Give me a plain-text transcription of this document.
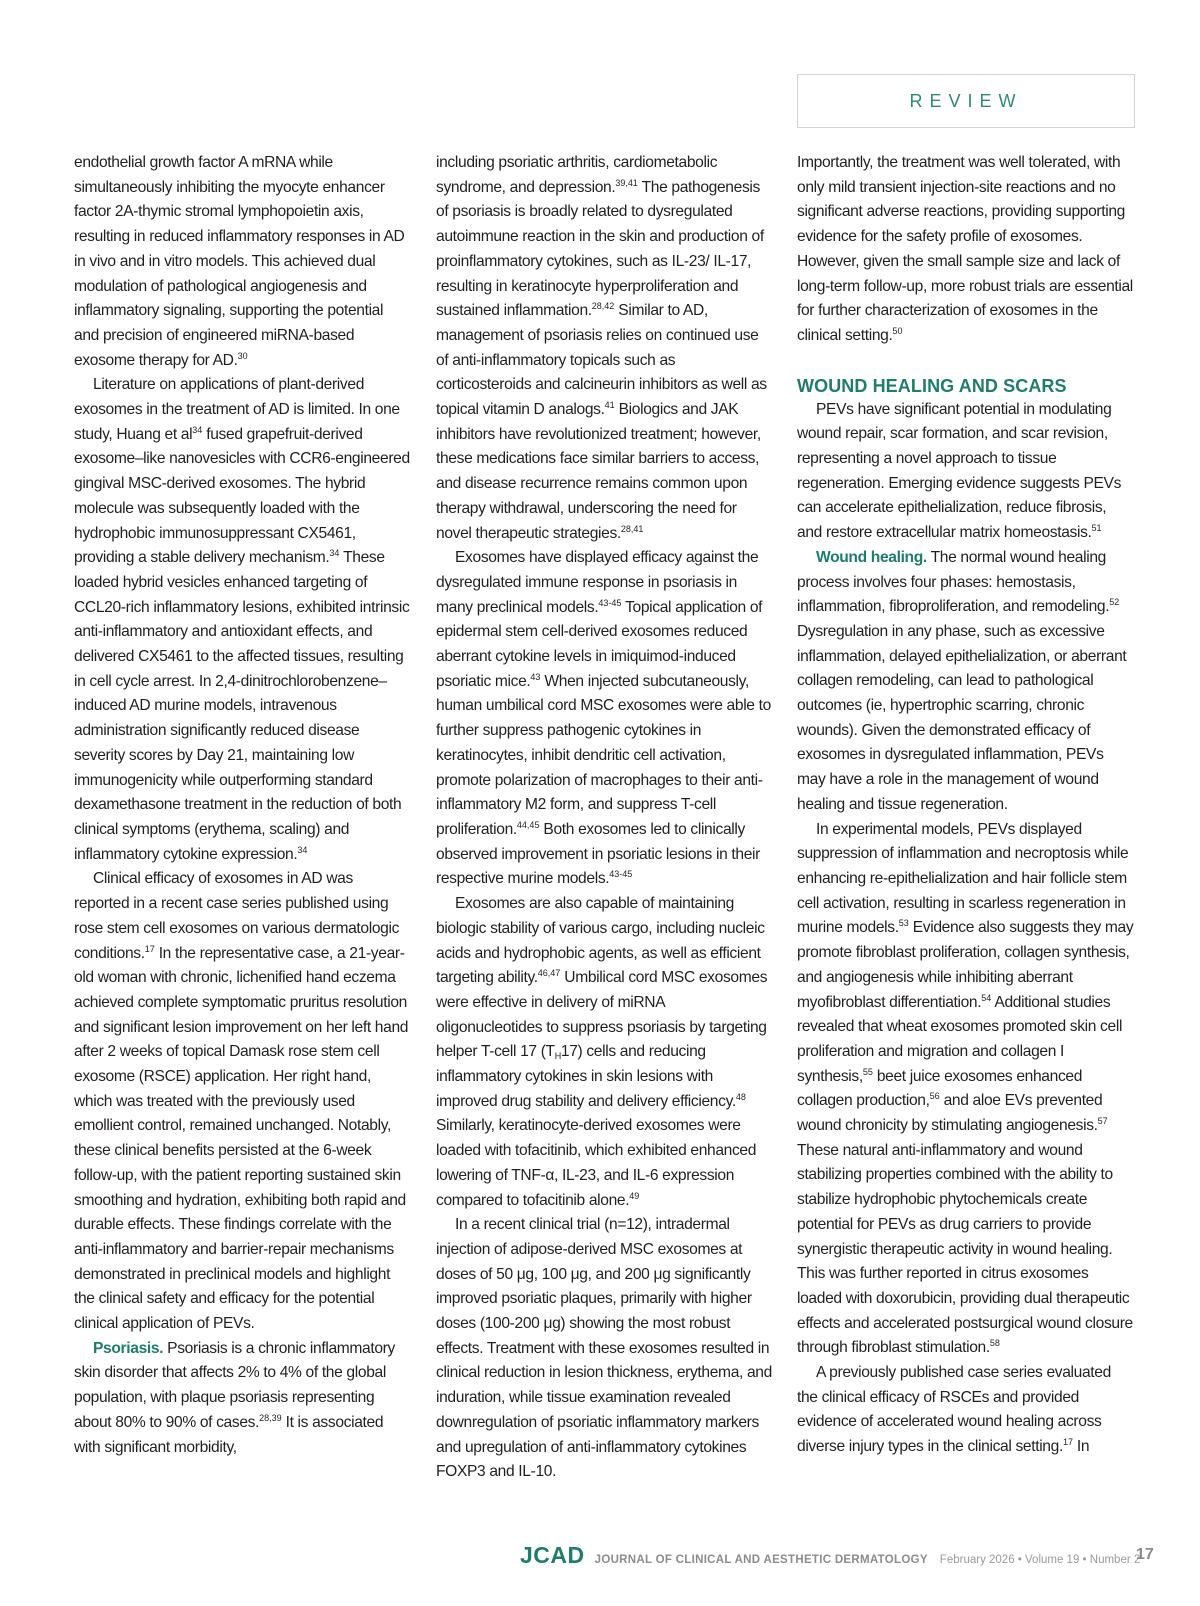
REVIEW

endothelial growth factor A mRNA while simultaneously inhibiting the myocyte enhancer factor 2A-thymic stromal lymphopoietin axis, resulting in reduced inflammatory responses in AD in vivo and in vitro models. This achieved dual modulation of pathological angiogenesis and inflammatory signaling, supporting the potential and precision of engineered miRNA-based exosome therapy for AD.$^{30}$

Literature on applications of plant-derived exosomes in the treatment of AD is limited. In one study, Huang et $al^{34}$ fused grapefruit-derived exosome–like nanovesicles with CCR6-engineered gingival MSC-derived exosomes. The hybrid molecule was subsequently loaded with the hydrophobic immunosuppressant CX5461, providing a stable delivery mechanism.$^{34}$ These loaded hybrid vesicles enhanced targeting of CCL20-rich inflammatory lesions, exhibited intrinsic anti-inflammatory and antioxidant effects, and delivered CX5461 to the affected tissues, resulting in cell cycle arrest. In 2,4-dinitrochlorobenzene–induced AD murine models, intravenous administration significantly reduced disease severity scores by Day 21, maintaining low immunogenicity while outperforming standard dexamethasone treatment in the reduction of both clinical symptoms (erythema, scaling) and inflammatory cytokine expression.$^{34}$

Clinical efficacy of exosomes in AD was reported in a recent case series published using rose stem cell exosomes on various dermatologic conditions.$^{17}$ In the representative case, a 21-year-old woman with chronic, lichenified hand eczema achieved complete symptomatic pruritus resolution and significant lesion improvement on her left hand after 2 weeks of topical Damask rose stem cell exosome (RSCE) application. Her right hand, which was treated with the previously used emollient control, remained unchanged. Notably, these clinical benefits persisted at the 6-week follow-up, with the patient reporting sustained skin smoothing and hydration, exhibiting both rapid and durable effects. These findings correlate with the anti-inflammatory and barrier-repair mechanisms demonstrated in preclinical models and highlight the clinical safety and efficacy for the potential clinical application of PEVs.

Psoriasis. Psoriasis is a chronic inflammatory skin disorder that affects 2% to 4% of the global population, with plaque psoriasis representing about 80% to 90% of cases.$^{28,39}$ It is associated with significant morbidity,

including psoriatic arthritis, cardiometabolic syndrome, and depression.$^{39,41}$ The pathogenesis of psoriasis is broadly related to dysregulated autoimmune reaction in the skin and production of proinflammatory cytokines, such as IL-23/ IL-17, resulting in keratinocyte hyperproliferation and sustained inflammation.$^{28,42}$ Similar to AD, management of psoriasis relies on continued use of anti-inflammatory topicals such as corticosteroids and calcineurin inhibitors as well as topical vitamin D analogs.$^{41}$ Biologics and JAK inhibitors have revolutionized treatment; however, these medications face similar barriers to access, and disease recurrence remains common upon therapy withdrawal, underscoring the need for novel therapeutic strategies.$^{28,41}$

Exosomes have displayed efficacy against the dysregulated immune response in psoriasis in many preclinical models.$^{43-45}$ Topical application of epidermal stem cell-derived exosomes reduced aberrant cytokine levels in imiquimod-induced psoriatic mice.$^{43}$ When injected subcutaneously, human umbilical cord MSC exosomes were able to further suppress pathogenic cytokines in keratinocytes, inhibit dendritic cell activation, promote polarization of macrophages to their anti-inflammatory M2 form, and suppress T-cell proliferation.$^{44,45}$ Both exosomes led to clinically observed improvement in psoriatic lesions in their respective murine models.$^{43-45}$

Exosomes are also capable of maintaining biologic stability of various cargo, including nucleic acids and hydrophobic agents, as well as efficient targeting ability.$^{46,47}$ Umbilical cord MSC exosomes were effective in delivery of miRNA oligonucleotides to suppress psoriasis by targeting helper T-cell 17 $(T_H17)$ cells and reducing inflammatory cytokines in skin lesions with improved drug stability and delivery efficiency.$^{48}$ Similarly, keratinocyte-derived exosomes were loaded with tofacitinib, which exhibited enhanced lowering of TNF-α, IL-23, and IL-6 expression compared to tofacitinib alone.$^{49}$

In a recent clinical trial (n=12), intradermal injection of adipose-derived MSC exosomes at doses of 50 μg, 100 μg, and 200 μg significantly improved psoriatic plaques, primarily with higher doses (100-200 μg) showing the most robust effects. Treatment with these exosomes resulted in clinical reduction in lesion thickness, erythema, and induration, while tissue examination revealed downregulation of psoriatic inflammatory markers and upregulation of anti-inflammatory cytokines FOXP3 and IL-10.

Importantly, the treatment was well tolerated, with only mild transient injection-site reactions and no significant adverse reactions, providing supporting evidence for the safety profile of exosomes. However, given the small sample size and lack of long-term follow-up, more robust trials are essential for further characterization of exosomes in the clinical setting.$^{50}$

WOUND HEALING AND SCARS

PEVs have significant potential in modulating wound repair, scar formation, and scar revision, representing a novel approach to tissue regeneration. Emerging evidence suggests PEVs can accelerate epithelialization, reduce fibrosis, and restore extracellular matrix homeostasis.$^{51}$

Wound healing. The normal wound healing process involves four phases: hemostasis, inflammation, fibroproliferation, and remodeling.$^{52}$ Dysregulation in any phase, such as excessive inflammation, delayed epithelialization, or aberrant collagen remodeling, can lead to pathological outcomes (ie, hypertrophic scarring, chronic wounds). Given the demonstrated efficacy of exosomes in dysregulated inflammation, PEVs may have a role in the management of wound healing and tissue regeneration.

In experimental models, PEVs displayed suppression of inflammation and necroptosis while enhancing re-epithelialization and hair follicle stem cell activation, resulting in scarless regeneration in murine models.$^{53}$ Evidence also suggests they may promote fibroblast proliferation, collagen synthesis, and angiogenesis while inhibiting aberrant myofibroblast differentiation.$^{54}$ Additional studies revealed that wheat exosomes promoted skin cell proliferation and migration and collagen I synthesis,$^{55}$ beet juice exosomes enhanced collagen production,$^{56}$ and aloe EVs prevented wound chronicity by stimulating angiogenesis.$^{57}$ These natural anti-inflammatory and wound stabilizing properties combined with the ability to stabilize hydrophobic phytochemicals create potential for PEVs as drug carriers to provide synergistic therapeutic activity in wound healing. This was further reported in citrus exosomes loaded with doxorubicin, providing dual therapeutic effects and accelerated postsurgical wound closure through fibroblast stimulation.$^{58}$

A previously published case series evaluated the clinical efficacy of RSCEs and provided evidence of accelerated wound healing across diverse injury types in the clinical setting.$^{17}$ In

JCAD JOURNAL OF CLINICAL AND AESTHETIC DERMATOLOGY February 2026 • Volume 19 • Number 2
17
